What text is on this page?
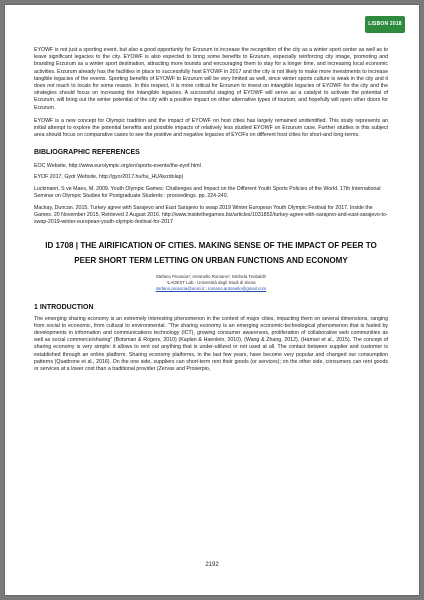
LISBON 2018

EYOWF is not just a sporting event, but also a good opportunity for Erzurum to increase the recognition of the city as a winter sport center as well as to leave significant legacies to the city. EYOWF is also expected to bring some benefits to Erzurum, especially reinforcing city image, promoting and branding Erzurum as a winter sport destination, attracting more tourists and encouraging them to stay for a longer time, and increasing local economic activities. Erzurum already has the facilities in place to successfully host EYOWF in 2017 and the city is not likely to make more investments to increase tangible legacies of the events. Sporting benefits of EYOWF to Erzurum will be very limited as well, since winter sports culture is weak in the city and it does not reach to locals for some reason. In this respect, it is more critical for Erzurum to invest on intangible legacies of EYOWF for the city and the strategies should focus on increasing the intangible legacies. A successful staging of EYOWF will serve as a catalyst to activate the potential of Erzurum, will bring out the winter potential of the city with a positive impact on other alternative types of tourism, and hopefully will open other doors for Erzurum.

EYOWF is a new concept for Olympic tradition and the impact of EYOWF on host cities has largely remained unidentified. This study represents an initial attempt to explore the potential benefits and possible impacts of relatively less studied EYOWF on Erzurum case. Further studies in this subject area should focus on comparative cases to see the positive and negative legacies of EYOFs on different host cities for short-and long-terms.

BIBLIOGRAPHIC REFERENCES

EOC Website, http://www.eurolympic.org/en/sports-events/the-eyof.html

EYOF 2017, Gydr Website, http://gyor2017.hu/hu_HU/kezdolap)

Luckmann, S ve Maes, M. 2009. Youth Olympic Games: Challenges and Impact on the Different Youth Sports Policies of the World. 17th International Seminar on Olympic Studies for Postgraduate Students : proceedings. pp. 224-240.

Mackay, Duncan. 2015. Turkey agree with Sarajevo and East Sarajevo to swap 2019 Winter European Youth Olympic Festival for 2017. Inside the Games. 20 November 2015. Retrieved 2 August 2016. http://www.insidethegames.biz/articles/1031852/turkey-agree-with-sarajevo-and-east-sarajevo-to-swap-2019-winter-european-youth-olympic-festival-for-2017

ID 1708 | THE AIRIFICATION OF CITIES. MAKING SENSE OF THE IMPACT OF PEER TO PEER SHORT TERM LETTING ON URBAN FUNCTIONS AND ECONOMY
Stefano Picascia¹; Antonello Romano¹; Michela Teobaldi¹
¹LADEST Lab - Università degli Studi di Siena
stefano.picascia@unisi.it ; romano.antonello@gmail.com
1 INTRODUCTION

The emerging sharing economy is an extremely interesting phenomenon in the context of major cities, impacting them on several dimensions, ranging from social to economic, from cultural to environmental. “The sharing economy is an emerging economic-technological phenomenon that is fueled by developments in information and communications technology (ICT), growing consumer awareness, proliferation of collaborative web communities as well as social commerce/sharing” (Botsman & Rogers, 2010) (Kaplan & Haenlein, 2010), (Wang & Zhang, 2012), (Hamari et al., 2015). The concept of sharing economy is very simple: it allows to rent out anything that is under-utilized or not used at all. The contact between supplier and customer is established through an online platform. Sharing economy platforms, in the last few years, have become very popular and changed our consumption patterns (Quattrone et al., 2016). On the one side, suppliers can short-term rent their goods (or services); on the other side, consumers can rent goods or services at a lower cost than a traditional provider (Zervas and Proserpio,

2192
